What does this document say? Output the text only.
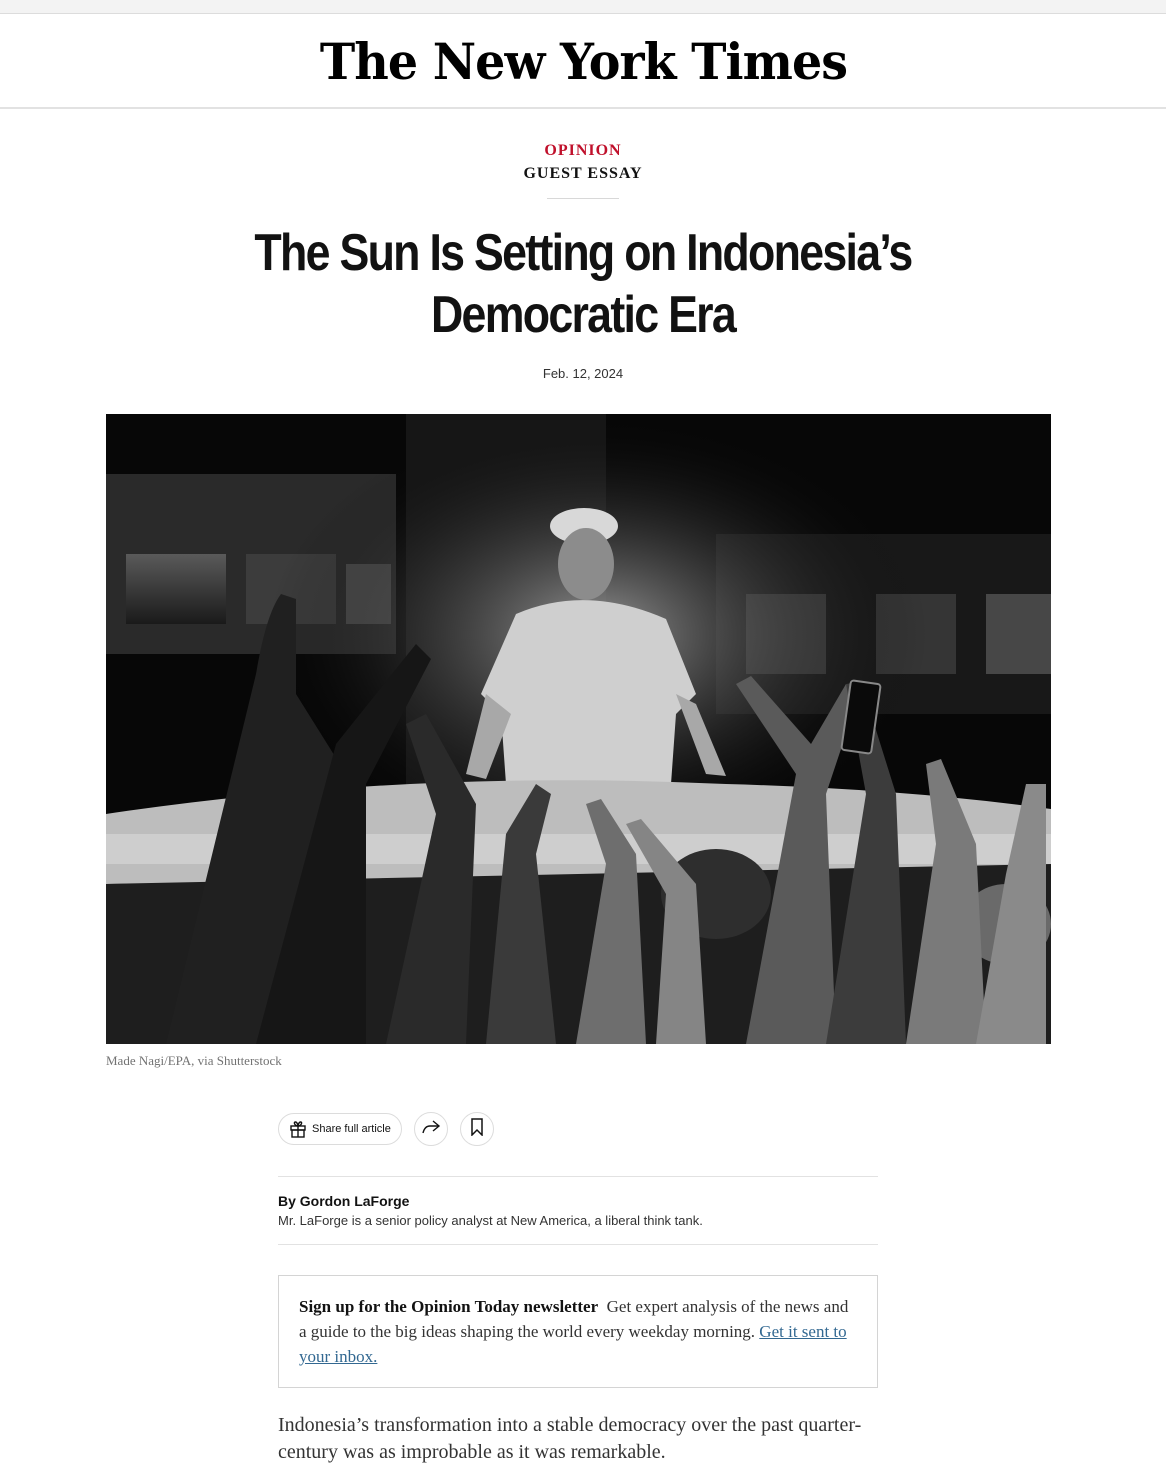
The New York Times
OPINION
GUEST ESSAY
The Sun Is Setting on Indonesia’s
Democratic Era
Feb. 12, 2024
Made Nagi/EPA, via Shutterstock
Share full article
By Gordon LaForge
Mr. LaForge is a senior policy analyst at New America, a liberal think tank.
Sign up for the Opinion Today newsletter Get expert analysis of the news and a guide to the big ideas shaping the world every weekday morning. Get it sent to your inbox.

Indonesia’s transformation into a stable democracy over the past quarter-century was as improbable as it was remarkable.
